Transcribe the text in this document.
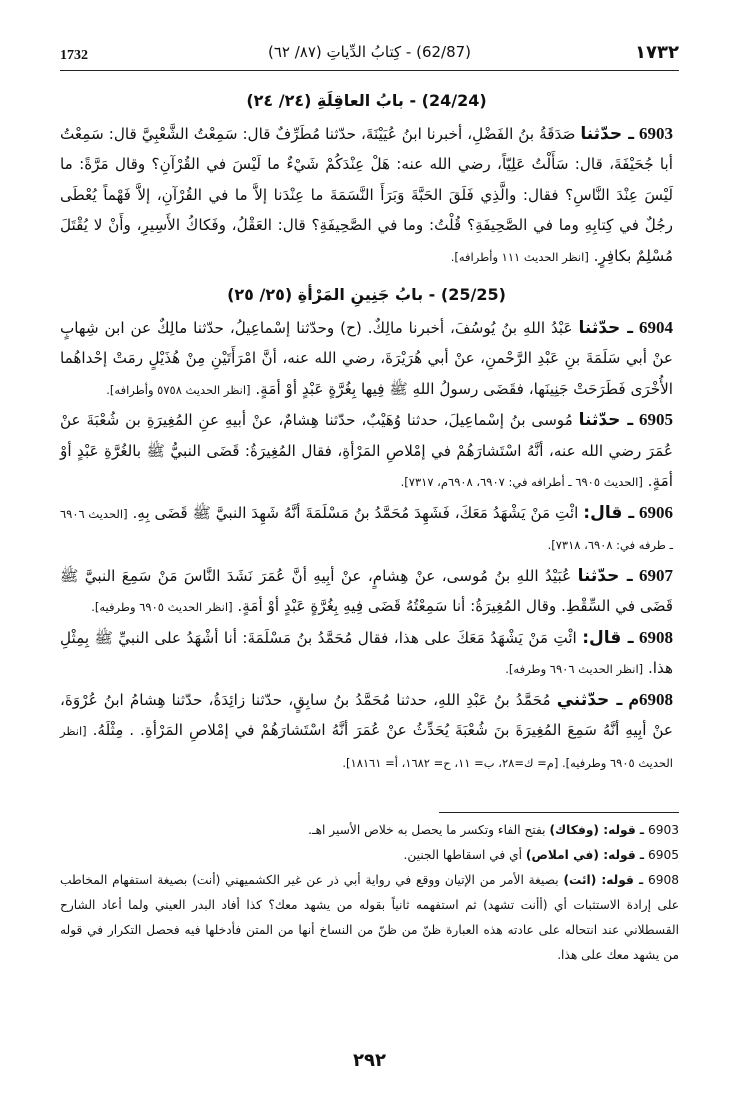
1732	(62/87) - كِتابُ الدِّياتِ (٨٧/ ٦٢)	١٧٣٢
(24/24) - بابُ العاقِلَةِ (٢٤/ ٢٤)

6903 ـ حدّثنا صَدَقَةُ بنُ الفَضْلِ، أخبرنا ابنُ عُيَيْنَةَ، حدّثنا مُطَرِّفٌ قال: سَمِعْتُ الشَّعْبِيَّ قال: سَمِعْتُ أبا جُحَيْفَةَ، قال: سَأَلْتُ عَلِيّاً، رضي الله عنه: هَلْ عِنْدَكُمْ شَيْءٌ ما لَيْسَ في القُرْآنِ؟ وقال مَرَّةً: ما لَيْسَ عِنْدَ النَّاسِ؟ فقال: والَّذِي فَلَقَ الحَبَّةَ وَبَرَأَ النَّسَمَةَ ما عِنْدَنا إلاَّ ما في القُرْآنِ، إلاَّ فَهْماً يُعْطَى رجُلٌ في كِتابِهِ وما في الصَّحِيفَةِ؟ قُلْتُ: وما في الصَّحِيفَةِ؟ قال: العَقْلُ، وفَكاكُ الأَسِيرِ، وأَنْ لا يُقْتَلَ مُسْلِمٌ بكافِرٍ. [انظر الحديث ١١١ وأطرافه].

(25/25) - بابُ جَنِينِ المَرْأةِ (٢٥/ ٢٥)

6904 ـ حدّثنا عَبْدُ اللهِ بنُ يُوسُفَ، أخبرنا مالِكٌ. (ح) وحدّثنا إسْماعِيلُ، حدّثنا مالِكٌ عن ابن شِهابٍ عنْ أبي سَلَمَةَ بنِ عَبْدِ الرَّحْمنِ، عنْ أبي هُرَيْرَةَ، رضي الله عنه، أنَّ امْرَأَتَيْنِ مِنْ هُذَيْلٍ رمَتْ إحْداهُما الأُخْرَى فَطَرَحَتْ جَنِينَها، فقَضَى رسولُ اللهِ ﷺ فِيها بِغُرَّةٍ عَبْدٍ أوْ أمَةٍ. [انظر الحديث ٥٧٥٨ وأطرافه].

6905 ـ حدّثنا مُوسى بنُ إسْماعِيلَ، حدثنا وُهَيْبٌ، حدّثنا هِشامٌ، عنْ أبيهِ عنِ المُغِيرَةِ بن شُعْبَةَ عنْ عُمَرَ رضي الله عنه، أنَّهُ اسْتَشارَهُمْ في إمْلاصِ المَرْأةِ، فقال المُغِيرَةُ: قَضَى النبيُّ ﷺ بالغُرَّةِ عَبْدٍ أوْ أمَةٍ. [الحديث ٦٩٠٥ ـ أطرافه في: ٦٩٠٧، ٦٩٠٨م، ٧٣١٧].

6906 ـ قال: ائْتِ مَنْ يَشْهَدُ مَعَكَ، فَشَهِدَ مُحَمَّدُ بنُ مَسْلَمَةَ أنَّهُ شَهِدَ النبيَّ ﷺ قَضَى بِهِ. [الحديث ٦٩٠٦ ـ طرفه في: ٦٩٠٨، ٧٣١٨].

6907 ـ حدّثنا عُبَيْدُ اللهِ بنُ مُوسى، عنْ هِشامٍ، عنْ أبِيهِ أنَّ عُمَرَ نَشَدَ النَّاسَ مَنْ سَمِعَ النبيَّ ﷺ قَضَى في السِّقْطِ. وقال المُغِيرَةُ: أنا سَمِعْتُهُ قَضَى فِيهِ بِغُرَّةٍ عَبْدٍ أوْ أمَةٍ. [انظر الحديث ٦٩٠٥ وطرفيه].

6908 ـ قال: ائْتِ مَنْ يَشْهَدُ مَعَكَ على هذا، فقال مُحَمَّدُ بنُ مَسْلَمَةَ: أنا أشْهَدُ على النبيِّ ﷺ بِمِثْلِ هذا. [انظر الحديث ٦٩٠٦ وطرفه].

6908م ـ حدّثني مُحَمَّدُ بنُ عَبْدِ اللهِ، حدثنا مُحَمَّدُ بنُ سابِقٍ، حدّثنا زائِدَةُ، حدّثنا هِشامُ ابنُ عُرْوَةَ، عنْ أبِيهِ أنَّهُ سَمِعَ المُغِيرَةَ بنَ شُعْبَةَ يُحَدِّثُ عنْ عُمَرَ أنَّهُ اسْتَشارَهُمْ في إمْلاصِ المَرْأةِ. . مِثْلَهُ. [انظر الحديث ٦٩٠٥ وطرفيه]. [م= ك=٢٨، ب= ١١، ح= ١٦٨٢، أ= ١٨١٦١].

6903 ـ قوله: (وفكاك) بفتح الفاء وتكسر ما يحصل به خلاص الأسير اهـ.

6905 ـ قوله: (في املاص) أي في اسقاطها الجنين.

6908 ـ قوله: (ائت) بصيغة الأمر من الإتيان ووقع في رواية أبي ذر عن غير الكشميهني (أنت) بصيغة استفهام المخاطب على إرادة الاستثبات أي (أأنت تشهد) ثم استفهمه ثانياً بقوله من يشهد معك؟ كذا أفاد البدر العيني ولما أعاد الشارح القسطلاني عند انتحاله على عادته هذه العبارة ظنّ من ظنّ من النساخ أنها من المتن فأدخلها فيه فحصل التكرار في قوله من يشهد معك على هذا.

٢٩٢
